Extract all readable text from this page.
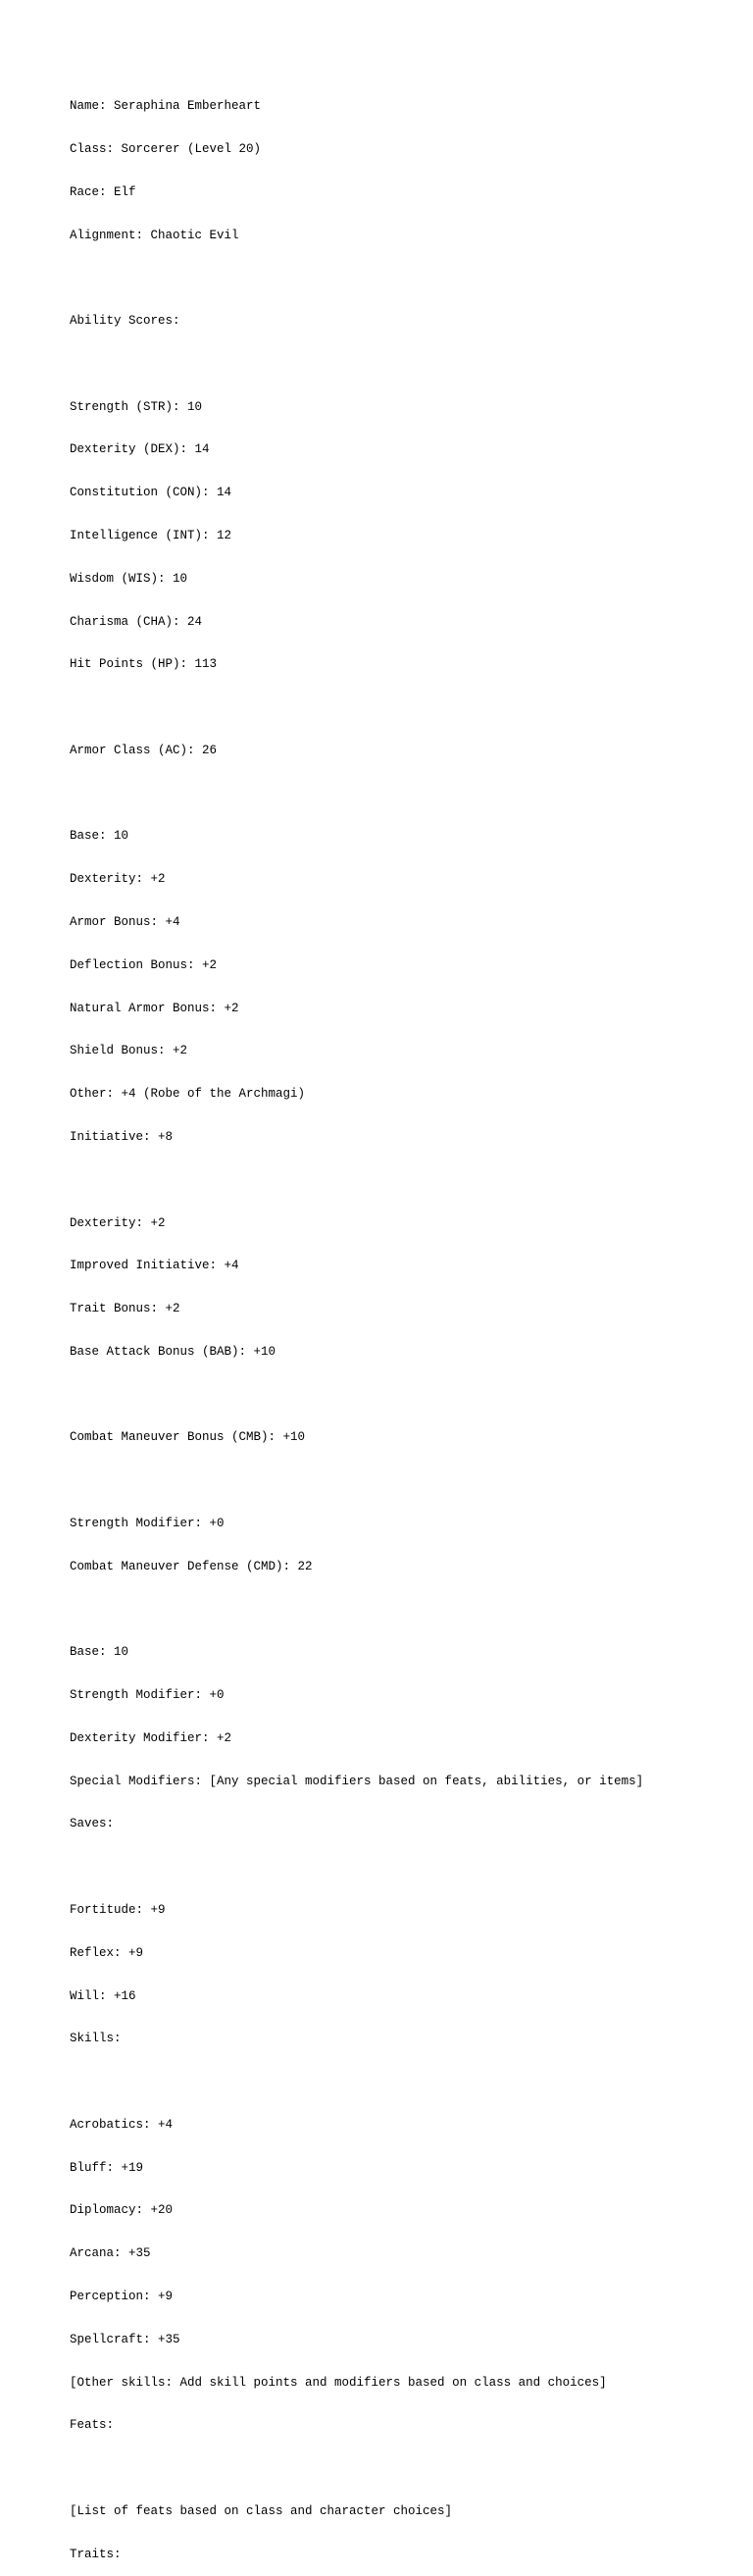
Name: Seraphina Emberheart

Class: Sorcerer (Level 20)

Race: Elf

Alignment: Chaotic Evil

Ability Scores:

Strength (STR): 10

Dexterity (DEX): 14

Constitution (CON): 14

Intelligence (INT): 12

Wisdom (WIS): 10

Charisma (CHA): 24

Hit Points (HP): 113

Armor Class (AC): 26

Base: 10

Dexterity: +2

Armor Bonus: +4

Deflection Bonus: +2

Natural Armor Bonus: +2

Shield Bonus: +2

Other: +4 (Robe of the Archmagi)

Initiative: +8

Dexterity: +2

Improved Initiative: +4

Trait Bonus: +2

Base Attack Bonus (BAB): +10

Combat Maneuver Bonus (CMB): +10

Strength Modifier: +0

Combat Maneuver Defense (CMD): 22

Base: 10

Strength Modifier: +0

Dexterity Modifier: +2

Special Modifiers: [Any special modifiers based on feats, abilities, or items]

Saves:

Fortitude: +9

Reflex: +9

Will: +16

Skills:

Acrobatics: +4

Bluff: +19

Diplomacy: +20

Arcana: +35

Perception: +9

Spellcraft: +35

[Other skills: Add skill points and modifiers based on class and choices]

Feats:

[List of feats based on class and character choices]

Traits:
